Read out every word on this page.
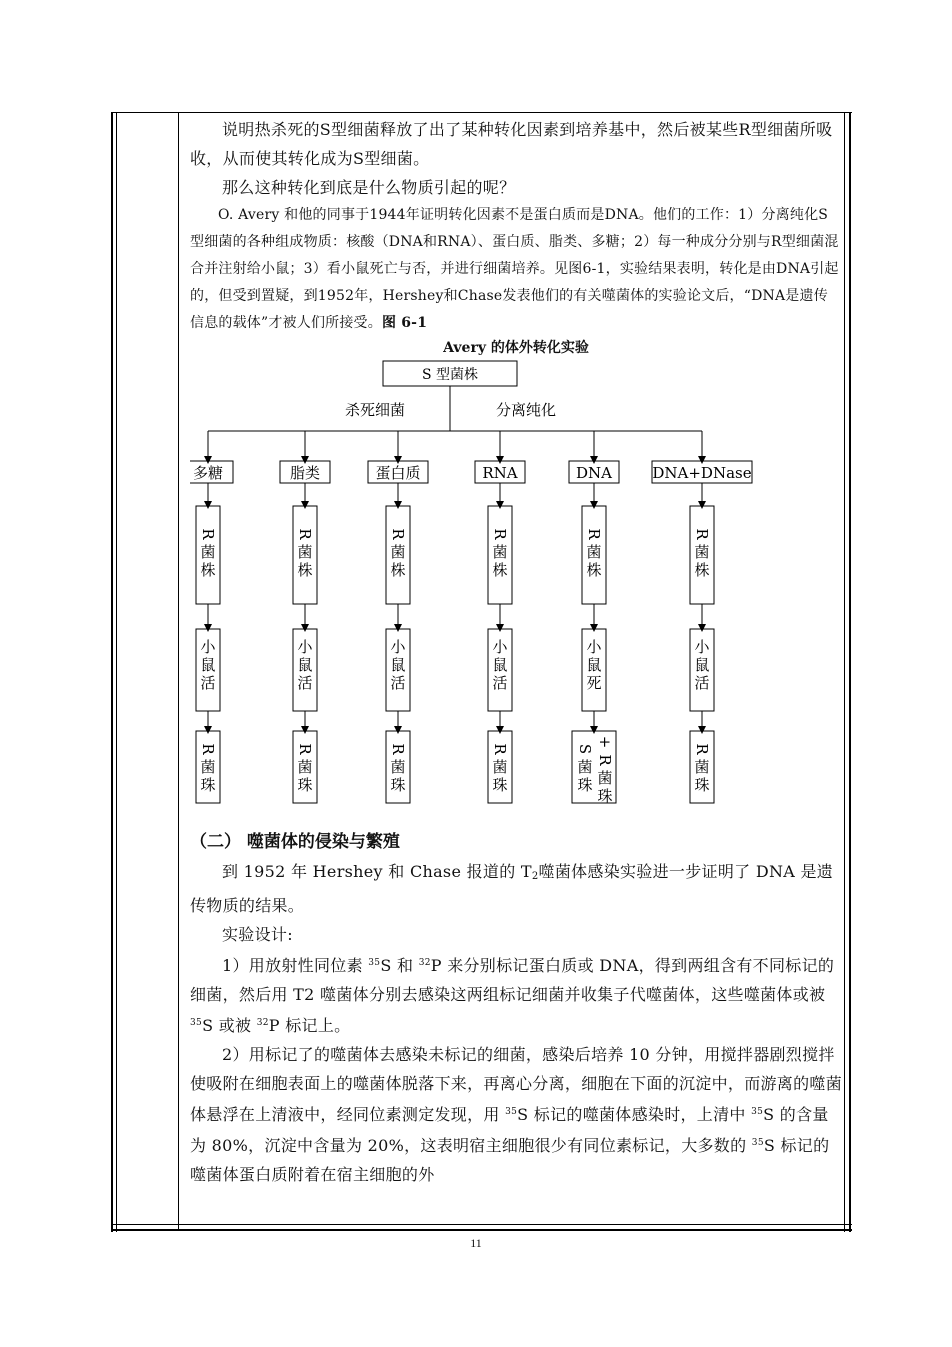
说明热杀死的S型细菌释放了出了某种转化因素到培养基中，然后被某些R型细菌所吸收，从而使其转化成为S型细菌。

那么这种转化到底是什么物质引起的呢？

O. Avery 和他的同事于1944年证明转化因素不是蛋白质而是DNA。他们的工作：1）分离纯化S型细菌的各种组成物质：核酸（DNA和RNA）、蛋白质、脂类、多糖；2）每一种成分分别与R型细菌混合并注射给小鼠；3）看小鼠死亡与否，并进行细菌培养。见图6-1，实验结果表明，转化是由DNA引起的，但受到置疑，到1952年，Hershey和Chase发表他们的有关噬菌体的实验论文后，“DNA是遗传信息的载体”才被人们所接受。图 6-1

Avery 的体外转化实验

S 型菌株
杀死细菌	分离纯化
多糖
R
菌
株
小
鼠
活
R
菌
珠
脂类
R
菌
株
小
鼠
活
R
菌
珠
蛋白质
R
菌
株
小
鼠
活
R
菌
珠
RNA
R
菌
株
小
鼠
活
R
菌
珠
DNA
R
菌
株
小
鼠
死
S
菌
珠
+
R
菌
珠
DNA+DNase
R
菌
株
小
鼠
活
R
菌
珠

（二） 噬菌体的侵染与繁殖

到 1952 年 Hershey 和 Chase 报道的 $T_2$噬菌体感染实验进一步证明了 DNA 是遗传物质的结果。

实验设计:

1）用放射性同位素 $^{35}$S 和 $^{32}$P 来分别标记蛋白质或 DNA，得到两组含有不同标记的细菌，然后用 T2 噬菌体分别去感染这两组标记细菌并收集子代噬菌体，这些噬菌体或被 $^{35}$S 或被 $^{32}$P 标记上。

2）用标记了的噬菌体去感染未标记的细菌，感染后培养 10 分钟，用搅拌器剧烈搅拌使吸附在细胞表面上的噬菌体脱落下来，再离心分离，细胞在下面的沉淀中，而游离的噬菌体悬浮在上清液中，经同位素测定发现，用 $^{35}$S 标记的噬菌体感染时，上清中 $^{35}$S 的含量为 80%，沉淀中含量为 20%，这表明宿主细胞很少有同位素标记，大多数的 $^{35}$S 标记的噬菌体蛋白质附着在宿主细胞的外

11
